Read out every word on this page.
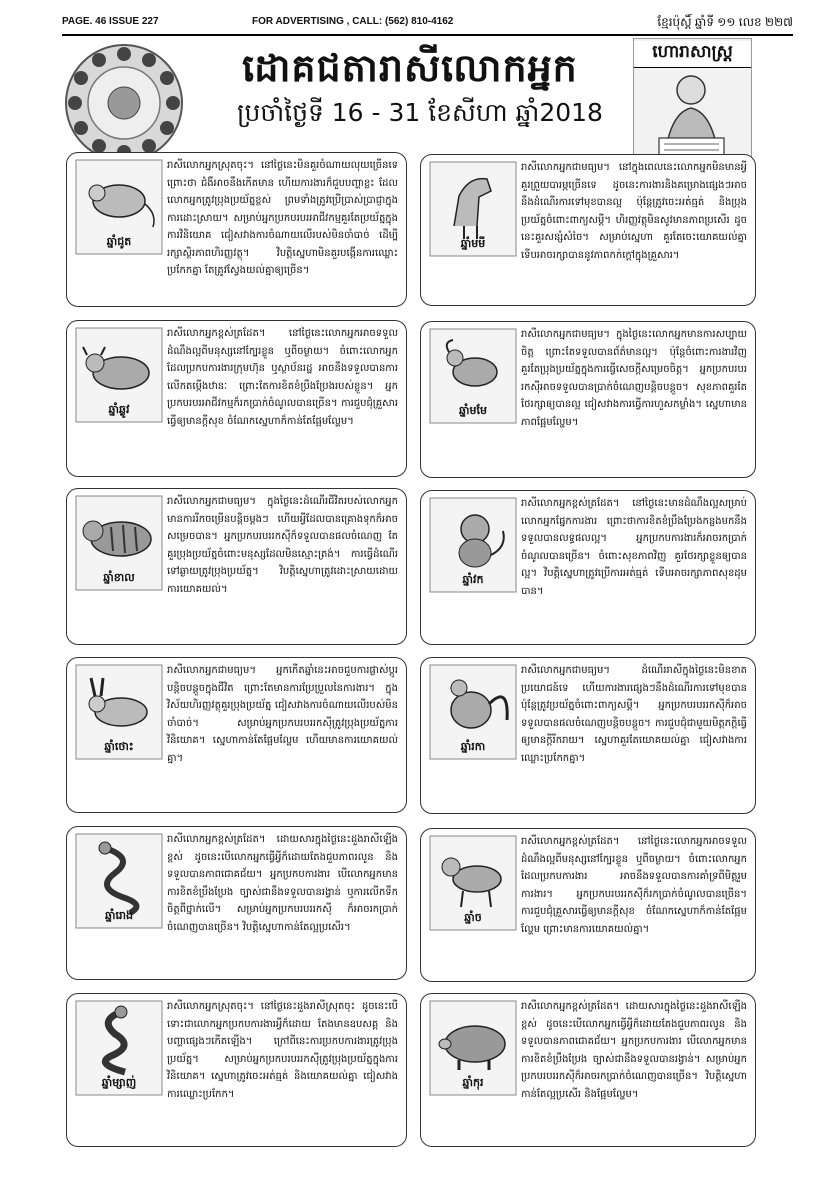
PAGE. 46 ISSUE 227	FOR ADVERTISING , CALL: (562) 810-4162	ខ្មែរប៉ុស្តិ៍ ឆ្នាំទី ១១ លេខ ២២៧
ដោគជតារាសីលោកអ្នក
ប្រចាំថ្ងៃទី 16 - 31 ខែសីហា ឆ្នាំ2018
ហោរាសាស្ត្រ
ឆ្នាំជូត
រាសីលោកអ្នកស្រុតចុះ។ នៅថ្ងៃនេះមិនគួរចំណាយលុយច្រើនទេ ព្រោះថា ជំងឺអាចនឹងកើតមាន ហើយការងារក៏ជួបបញ្ហាខ្លះ ដែលលោកអ្នកត្រូវប្រុងប្រយ័ត្នខ្ពស់ ព្រមទាំងត្រូវប្រើប្រាស់ប្រាជ្ញាក្នុងការដោះស្រាយ។ សម្រាប់អ្នកប្រកបរបរអាជីវកម្មគួរតែប្រយ័ត្នក្នុងការវិនិយោគ ជៀសវាងការចំណាយលើរបស់មិនចាំបាច់ ដើម្បីរក្សាស្ថិរភាពហិរញ្ញវត្ថុ។ វិបត្តិស្នេហាមិនគួរបង្កើនការឈ្លោះប្រកែកគ្នា តែត្រូវស្វែងយល់គ្នាឲ្យច្រើន។
ឆ្នាំមមី
រាសីលោកអ្នកជាមធ្យម។ នៅក្នុងពេលនេះលោកអ្នកមិនមានអ្វីគួរព្រួយបារម្ភច្រើនទេ ដូចនេះការងារនិងគម្រោងផ្សេងៗអាចនឹងដំណើរការទៅមុខបានល្អ ប៉ុន្តែត្រូវចេះអត់ធ្មត់ និងប្រុងប្រយ័ត្នចំពោះពាក្យសម្តី។ ហិរញ្ញវត្ថុមិនសូវមានភាពប្រសើរ ដូចនេះគួរសន្សំសំចៃ។ សម្រាប់ស្នេហា គួរតែចេះយោគយល់គ្នា ទើបអាចរក្សាបាននូវភាពកក់ក្តៅក្នុងគ្រួសារ។
ឆ្នាំឆ្លូវ
រាសីលោកអ្នកខ្ពស់ត្រដែត។ នៅថ្ងៃនេះលោកអ្នកអាចទទួលដំណឹងល្អពីមនុស្សនៅក្បែរខ្លួន ឬពីចម្ងាយ។ ចំពោះលោកអ្នកដែលប្រកបការងារក្រុមហ៊ុន ឬស្ថាប័នរដ្ឋ អាចនឹងទទួលបានការលើកតម្កើងឋានៈ ព្រោះតែការខិតខំប្រឹងប្រែងរបស់ខ្លួន។ អ្នកប្រកបរបរអាជីវកម្មក៏រកប្រាក់ចំណូលបានច្រើន។ ការជួបជុំគ្រួសារធ្វើឲ្យមានក្តីសុខ ចំណែកស្នេហាក៏កាន់តែផ្អែមល្ហែម។
ឆ្នាំមមែ
រាសីលោកអ្នកជាមធ្យម។ ក្នុងថ្ងៃនេះលោកអ្នកមានការសប្បាយចិត្ត ព្រោះតែទទួលបានព័ត៌មានល្អ។ ប៉ុន្តែចំពោះការងារវិញ គួរតែប្រុងប្រយ័ត្នក្នុងការធ្វើសេចក្តីសម្រេចចិត្ត។ អ្នកប្រកបរបររកស៊ីអាចទទួលបានប្រាក់ចំណេញបន្តិចបន្តួច។ សុខភាពគួរតែថែរក្សាឲ្យបានល្អ ជៀសវាងការធ្វើការហួសកម្លាំង។ ស្នេហាមានភាពផ្អែមល្ហែម។
ឆ្នាំខាល
រាសីលោកអ្នកជាមធ្យម។ ក្នុងថ្ងៃនេះដំណើរជីវិតរបស់លោកអ្នកមានការរីកចម្រើនបន្តិចម្តងៗ ហើយអ្វីដែលបានគ្រោងទុកក៏អាចសម្រេចបាន។ អ្នកប្រកបរបររកស៊ីក៏ទទួលបានផលចំណេញ តែគួរប្រុងប្រយ័ត្នចំពោះមនុស្សដែលមិនស្មោះត្រង់។ ការធ្វើដំណើរទៅឆ្ងាយត្រូវប្រុងប្រយ័ត្ន។ វិបត្តិស្នេហាត្រូវដោះស្រាយដោយការយោគយល់។
ឆ្នាំវក
រាសីលោកអ្នកខ្ពស់ត្រដែត។ នៅថ្ងៃនេះមានដំណឹងល្អសម្រាប់លោកអ្នកផ្នែកការងារ ព្រោះថាការខិតខំប្រឹងប្រែងកន្លងមកនឹងទទួលបានលទ្ធផលល្អ។ អ្នកប្រកបការងារក៏អាចរកប្រាក់ចំណូលបានច្រើន។ ចំពោះសុខភាពវិញ គួរថែរក្សាខ្លួនឲ្យបានល្អ។ វិបត្តិស្នេហាត្រូវប្រើការអត់ធ្មត់ ទើបអាចរក្សាភាពសុខដុមបាន។
ឆ្នាំថោះ
រាសីលោកអ្នកជាមធ្យម។ អ្នកកើតឆ្នាំនេះអាចជួបការផ្លាស់ប្តូរបន្តិចបន្តួចក្នុងជីវិត ព្រោះតែមានការប្រែប្រួលនៃការងារ។ ក្នុងវិស័យហិរញ្ញវត្ថុគួរប្រុងប្រយ័ត្ន ជៀសវាងការចំណាយលើរបស់មិនចាំបាច់។ សម្រាប់អ្នកប្រកបរបររកស៊ីត្រូវប្រុងប្រយ័ត្នការវិនិយោគ។ ស្នេហាកាន់តែផ្អែមល្ហែម ហើយមានការយោគយល់គ្នា។
ឆ្នាំរកា
រាសីលោកអ្នកជាមធ្យម។ ដំណើររាសីក្នុងថ្ងៃនេះមិនខាតប្រយោជន៍ទេ ហើយការងារផ្សេងៗនឹងដំណើរការទៅមុខបាន ប៉ុន្តែត្រូវប្រយ័ត្នចំពោះពាក្យសម្តី។ អ្នកប្រកបរបររកស៊ីក៏អាចទទួលបានផលចំណេញបន្តិចបន្តួច។ ការជួបជុំជាមួយមិត្តភក្តិធ្វើឲ្យមានក្តីរីករាយ។ ស្នេហាគួរតែយោគយល់គ្នា ជៀសវាងការឈ្លោះប្រកែកគ្នា។
ឆ្នាំរោង
រាសីលោកអ្នកខ្ពស់ត្រដែត។ ដោយសារក្នុងថ្ងៃនេះដួងរាសីឡើងខ្ពស់ ដូចនេះបើលោកអ្នកធ្វើអ្វីក៏ដោយតែងជួបភាពរលូន និងទទួលបានភាពជោគជ័យ។ អ្នកប្រកបការងារ បើលោកអ្នកមានការខិតខំប្រឹងប្រែង ច្បាស់ជានឹងទទួលបានរង្វាន់ ឬការលើកទឹកចិត្តពីថ្នាក់លើ។ សម្រាប់អ្នកប្រកបរបររកស៊ី ក៏អាចរកប្រាក់ចំណេញបានច្រើន។ វិបត្តិស្នេហាកាន់តែល្អប្រសើរ។
ឆ្នាំច
រាសីលោកអ្នកខ្ពស់ត្រដែត។ នៅថ្ងៃនេះលោកអ្នកអាចទទួលដំណឹងល្អពីមនុស្សនៅក្បែរខ្លួន ឬពីចម្ងាយ។ ចំពោះលោកអ្នកដែលប្រកបការងារ អាចនឹងទទួលបានការគាំទ្រពីមិត្តរួមការងារ។ អ្នកប្រកបរបររកស៊ីក៏រកប្រាក់ចំណូលបានច្រើន។ ការជួបជុំគ្រួសារធ្វើឲ្យមានក្តីសុខ ចំណែកស្នេហាក៏កាន់តែផ្អែមល្ហែម ព្រោះមានការយោគយល់គ្នា។
ឆ្នាំម្សាញ់
រាសីលោកអ្នកស្រុតចុះ។ នៅថ្ងៃនេះដួងរាសីស្រុតចុះ ដូចនេះបើទោះជាលោកអ្នកប្រកបការងារអ្វីក៏ដោយ តែងមានឧបសគ្គ និងបញ្ហាផ្សេងៗកើតឡើង។ ក្រៅពីនេះការប្រកបការងារត្រូវប្រុងប្រយ័ត្ន។ សម្រាប់អ្នកប្រកបរបររកស៊ីត្រូវប្រុងប្រយ័ត្នក្នុងការវិនិយោគ។ ស្នេហាត្រូវចេះអត់ធ្មត់ និងយោគយល់គ្នា ជៀសវាងការឈ្លោះប្រកែក។
ឆ្នាំកុរ
រាសីលោកអ្នកខ្ពស់ត្រដែត។ ដោយសារក្នុងថ្ងៃនេះដួងរាសីឡើងខ្ពស់ ដូចនេះបើលោកអ្នកធ្វើអ្វីក៏ដោយតែងជួបភាពរលូន និងទទួលបានភាពជោគជ័យ។ អ្នកប្រកបការងារ បើលោកអ្នកមានការខិតខំប្រឹងប្រែង ច្បាស់ជានឹងទទួលបានរង្វាន់។ សម្រាប់អ្នកប្រកបរបររកស៊ីក៏អាចរកប្រាក់ចំណេញបានច្រើន។ វិបត្តិស្នេហាកាន់តែល្អប្រសើរ និងផ្អែមល្ហែម។
